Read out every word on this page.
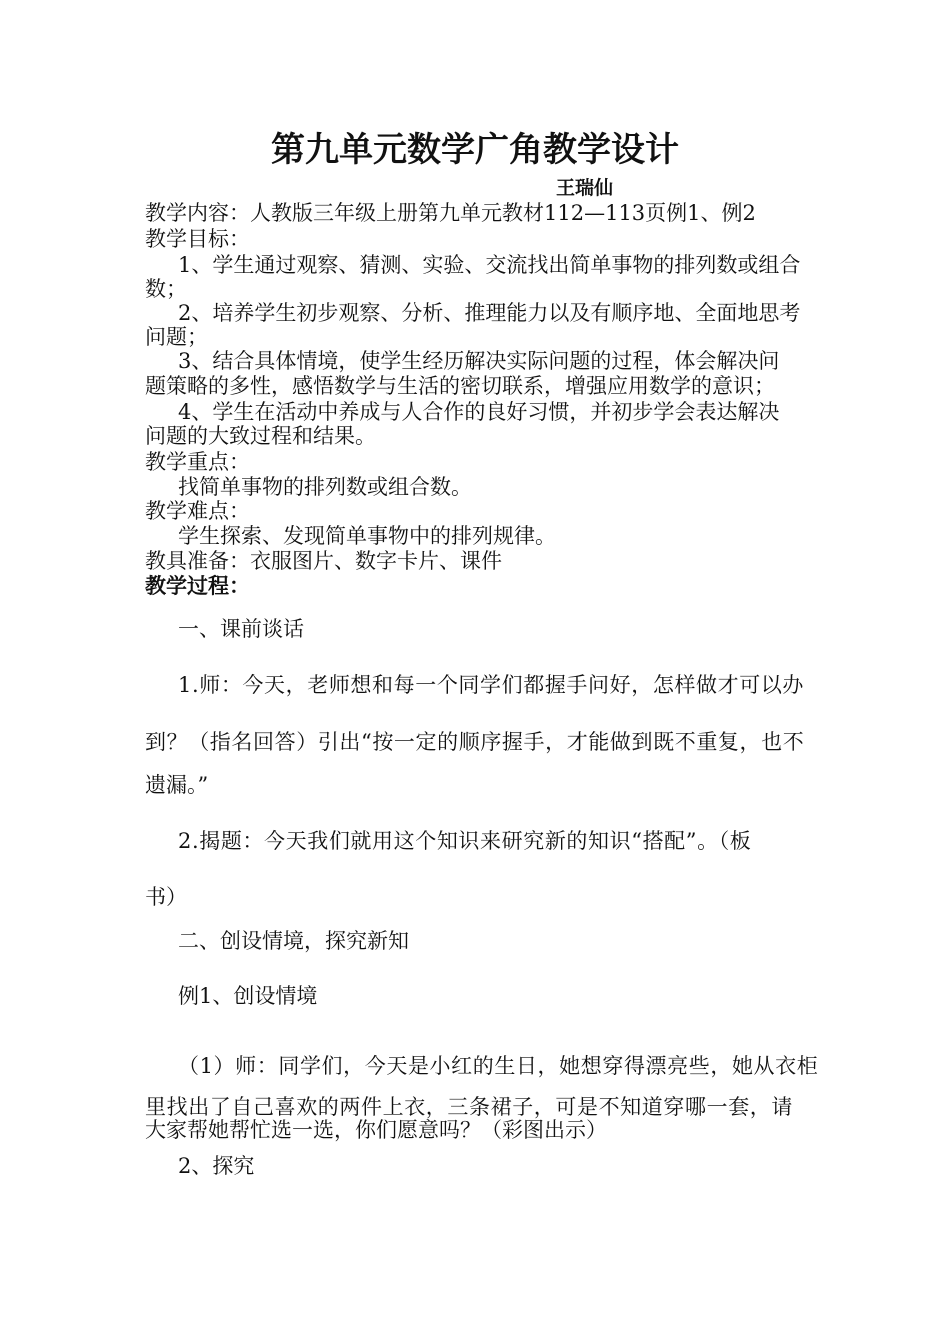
第九单元数学广角教学设计
王瑞仙
教学内容：人教版三年级上册第九单元教材112—113页例1、例2
教学目标：
1、学生通过观察、猜测、实验、交流找出简单事物的排列数或组合
数；
2、培养学生初步观察、分析、推理能力以及有顺序地、全面地思考
问题；
3、结合具体情境，使学生经历解决实际问题的过程，体会解决问
题策略的多性，感悟数学与生活的密切联系，增强应用数学的意识；
4、学生在活动中养成与人合作的良好习惯，并初步学会表达解决
问题的大致过程和结果。
教学重点：
找简单事物的排列数或组合数。
教学难点：
学生探索、发现简单事物中的排列规律。
教具准备：衣服图片、数字卡片、课件
教学过程：
一、课前谈话
1.师：今天，老师想和每一个同学们都握手问好，怎样做才可以办
到？（指名回答）引出“按一定的顺序握手，才能做到既不重复，也不
遗漏。”
2.揭题：今天我们就用这个知识来研究新的知识“搭配”。（板
书）
二、创设情境，探究新知
例1、创设情境
（1）师：同学们，今天是小红的生日，她想穿得漂亮些，她从衣柜
里找出了自己喜欢的两件上衣，三条裙子，可是不知道穿哪一套，请
大家帮她帮忙选一选，你们愿意吗？（彩图出示）
2、探究
